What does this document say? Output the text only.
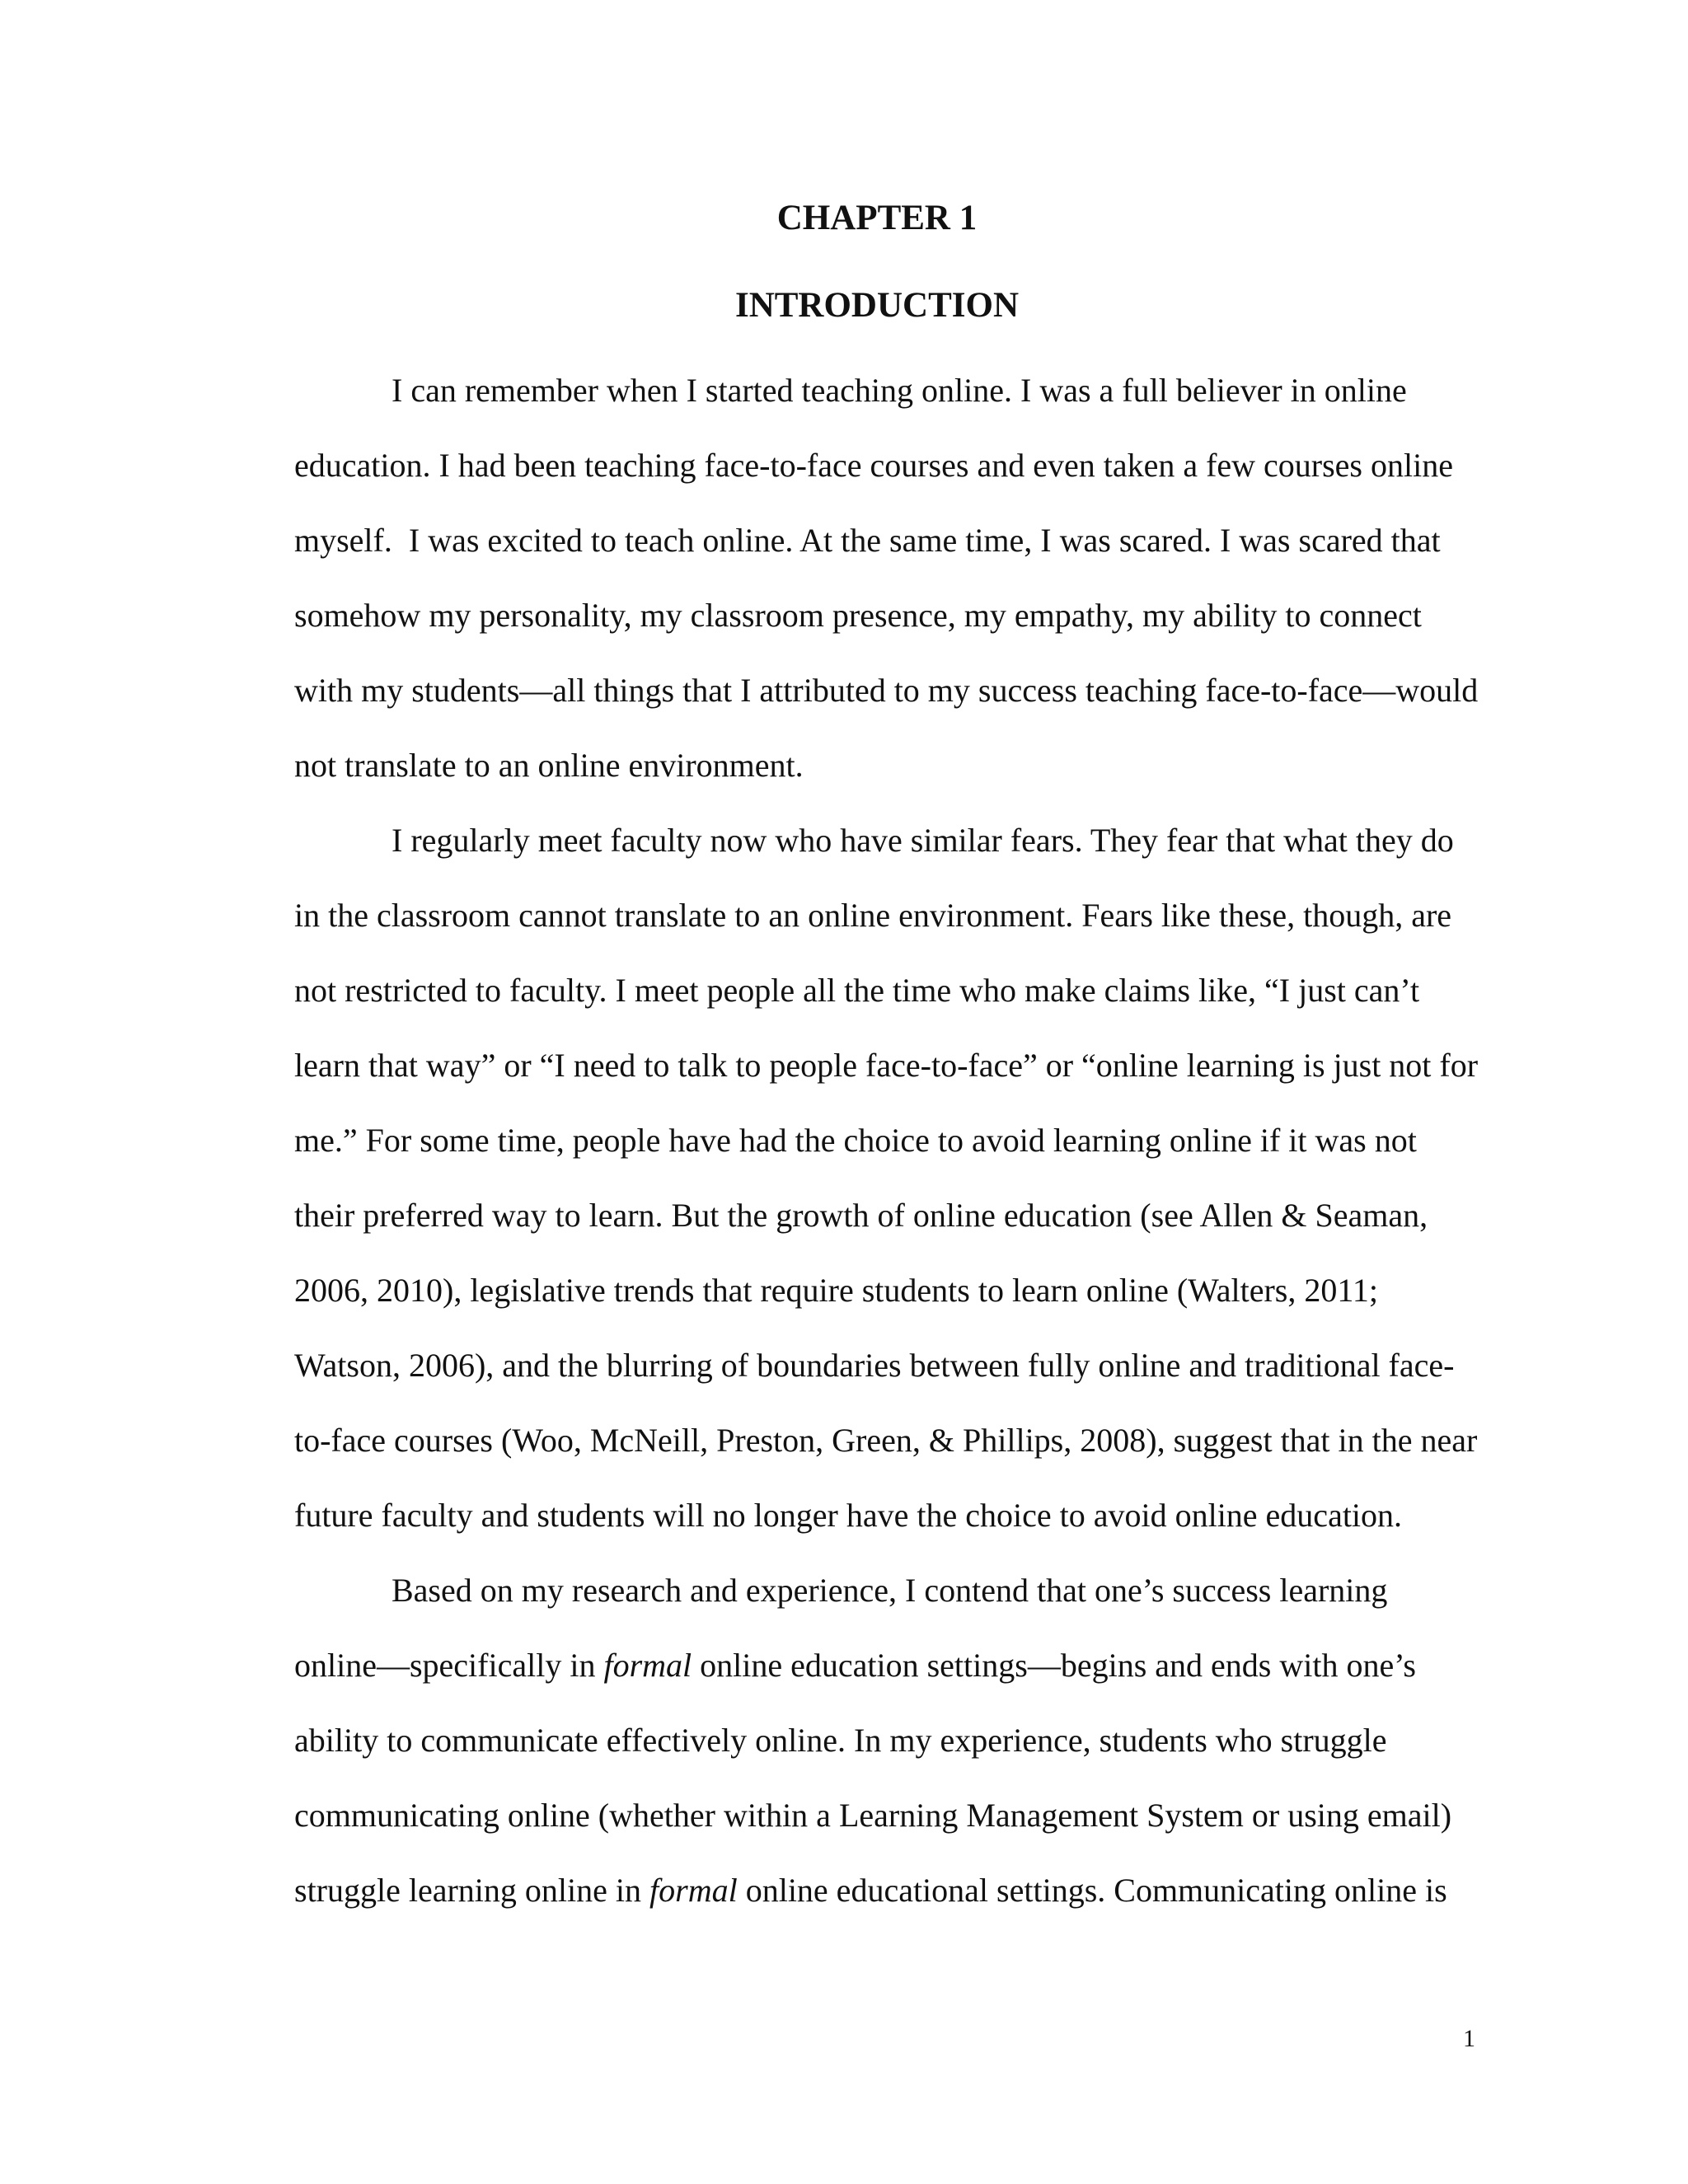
CHAPTER 1
INTRODUCTION
I can remember when I started teaching online. I was a full believer in online
education. I had been teaching face-to-face courses and even taken a few courses online
myself.  I was excited to teach online. At the same time, I was scared. I was scared that
somehow my personality, my classroom presence, my empathy, my ability to connect
with my students—all things that I attributed to my success teaching face-to-face—would
not translate to an online environment.
I regularly meet faculty now who have similar fears. They fear that what they do
in the classroom cannot translate to an online environment. Fears like these, though, are
not restricted to faculty. I meet people all the time who make claims like, “I just can’t
learn that way” or “I need to talk to people face-to-face” or “online learning is just not for
me.” For some time, people have had the choice to avoid learning online if it was not
their preferred way to learn. But the growth of online education (see Allen & Seaman,
2006, 2010), legislative trends that require students to learn online (Walters, 2011;
Watson, 2006), and the blurring of boundaries between fully online and traditional face-
to-face courses (Woo, McNeill, Preston, Green, & Phillips, 2008), suggest that in the near
future faculty and students will no longer have the choice to avoid online education.
Based on my research and experience, I contend that one’s success learning
online—specifically in formal online education settings—begins and ends with one’s
ability to communicate effectively online. In my experience, students who struggle
communicating online (whether within a Learning Management System or using email)
struggle learning online in formal online educational settings. Communicating online is
1
